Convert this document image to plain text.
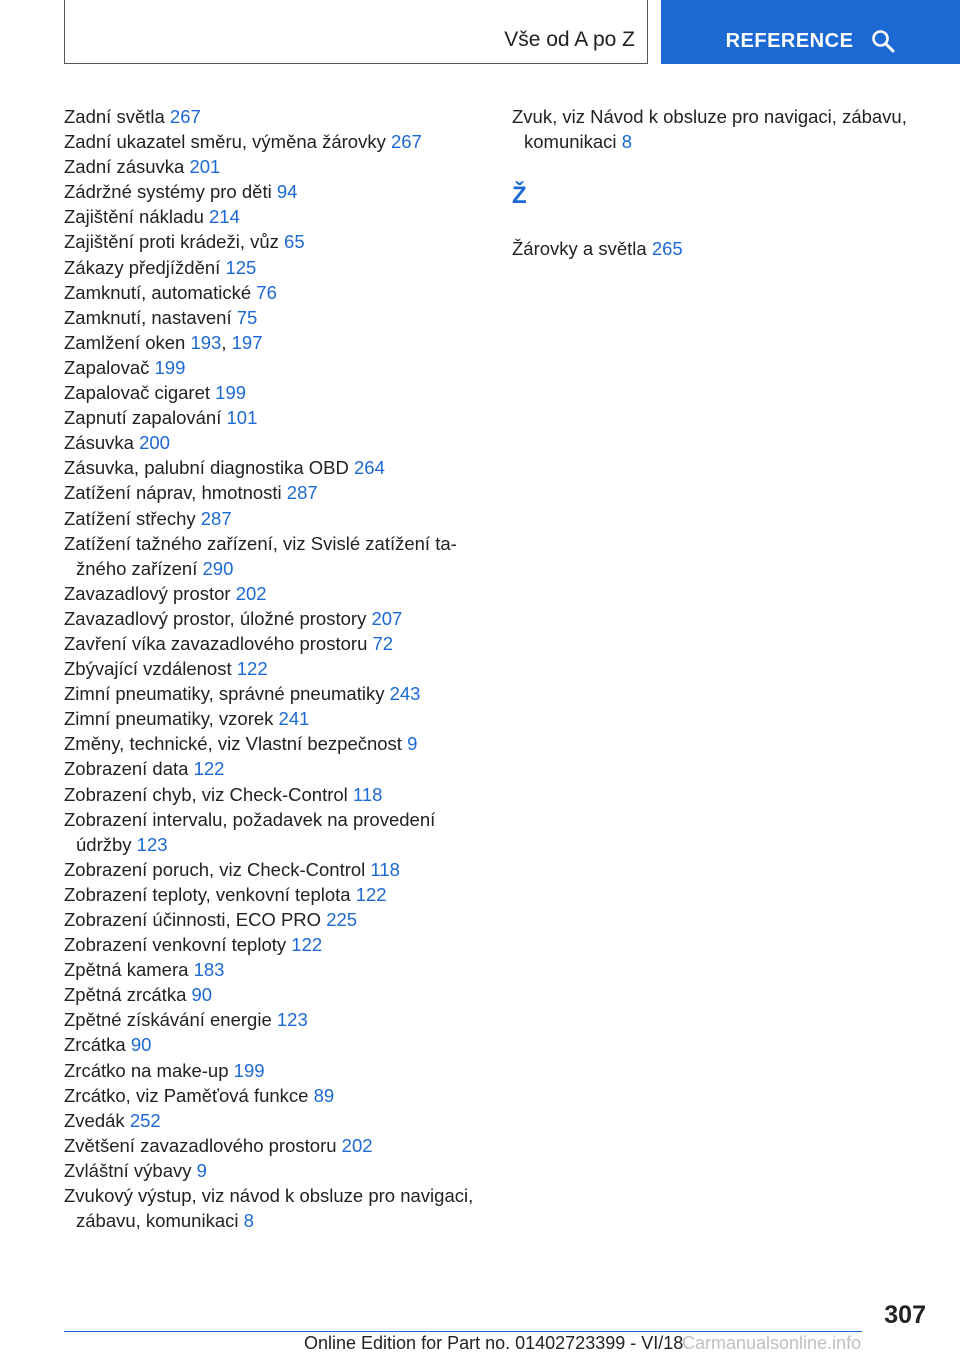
Vše od A po Z	REFERENCE
Zadní světla 267
Zadní ukazatel směru, výměna žárovky 267
Zadní zásuvka 201
Zádržné systémy pro děti 94
Zajištění nákladu 214
Zajištění proti krádeži, vůz 65
Zákazy předjíždění 125
Zamknutí, automatické 76
Zamknutí, nastavení 75
Zamlžení oken 193, 197
Zapalovač 199
Zapalovač cigaret 199
Zapnutí zapalování 101
Zásuvka 200
Zásuvka, palubní diagnostika OBD 264
Zatížení náprav, hmotnosti 287
Zatížení střechy 287
Zatížení tažného zařízení, viz Svislé zatížení ta-žného zařízení 290
Zavazadlový prostor 202
Zavazadlový prostor, úložné prostory 207
Zavření víka zavazadlového prostoru 72
Zbývající vzdálenost 122
Zimní pneumatiky, správné pneumatiky 243
Zimní pneumatiky, vzorek 241
Změny, technické, viz Vlastní bezpečnost 9
Zobrazení data 122
Zobrazení chyb, viz Check-Control 118
Zobrazení intervalu, požadavek na provedení údržby 123
Zobrazení poruch, viz Check-Control 118
Zobrazení teploty, venkovní teplota 122
Zobrazení účinnosti, ECO PRO 225
Zobrazení venkovní teploty 122
Zpětná kamera 183
Zpětná zrcátka 90
Zpětné získávání energie 123
Zrcátka 90
Zrcátko na make-up 199
Zrcátko, viz Paměťová funkce 89
Zvedák 252
Zvětšení zavazadlového prostoru 202
Zvláštní výbavy 9
Zvukový výstup, viz návod k obsluze pro navigaci, zábavu, komunikaci 8
Zvuk, viz Návod k obsluze pro navigaci, zábavu, komunikaci 8
Ž
Žárovky a světla 265
307
Online Edition for Part no. 01402723399 - VI/18
Carmanualsonline.info
